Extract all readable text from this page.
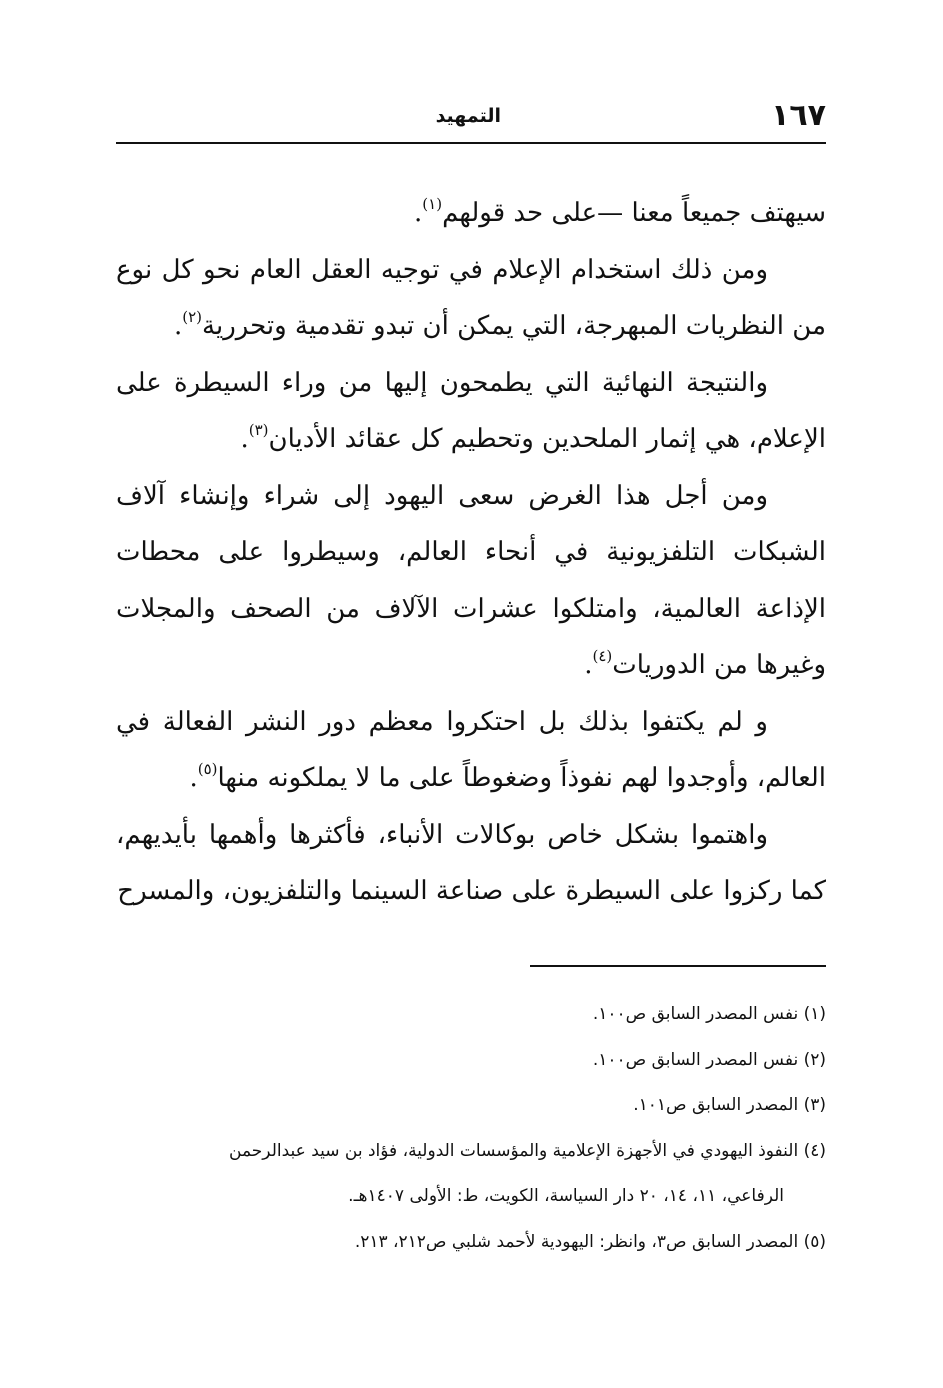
١٦٧
التمهيد

سيهتف جميعاً معنا —على حد قولهم$^{(١)}$.

ومن ذلك استخدام الإعلام في توجيه العقل العام نحو كل نوع من النظريات المبهرجة، التي يمكن أن تبدو تقدمية وتحررية$^{(٢)}$.

والنتيجة النهائية التي يطمحون إليها من وراء السيطرة على الإعلام، هي إثمار الملحدين وتحطيم كل عقائد الأديان$^{(٣)}$.

ومن أجل هذا الغرض سعى اليهود إلى شراء وإنشاء آلاف الشبكات التلفزيونية في أنحاء العالم، وسيطروا على محطات الإذاعة العالمية، وامتلكوا عشرات الآلاف من الصحف والمجلات وغيرها من الدوريات$^{(٤)}$.

و لم يكتفوا بذلك بل احتكروا معظم دور النشر الفعالة في العالم، وأوجدوا لهم نفوذاً وضغوطاً على ما لا يملكونه منها$^{(٥)}$.

واهتموا بشكل خاص بوكالات الأنباء، فأكثرها وأهمها بأيديهم، كما ركزوا على السيطرة على صناعة السينما والتلفزيون، والمسرح

(١) نفس المصدر السابق ص١٠٠.

(٢) نفس المصدر السابق ص١٠٠.

(٣) المصدر السابق ص١٠١.

(٤) النفوذ اليهودي في الأجهزة الإعلامية والمؤسسات الدولية، فؤاد بن سيد عبدالرحمن

الرفاعي، ١١، ١٤، ٢٠ دار السياسة، الكويت، ط: الأولى ١٤٠٧هـ.

(٥) المصدر السابق ص٣، وانظر: اليهودية لأحمد شلبي ص٢١٢، ٢١٣.
